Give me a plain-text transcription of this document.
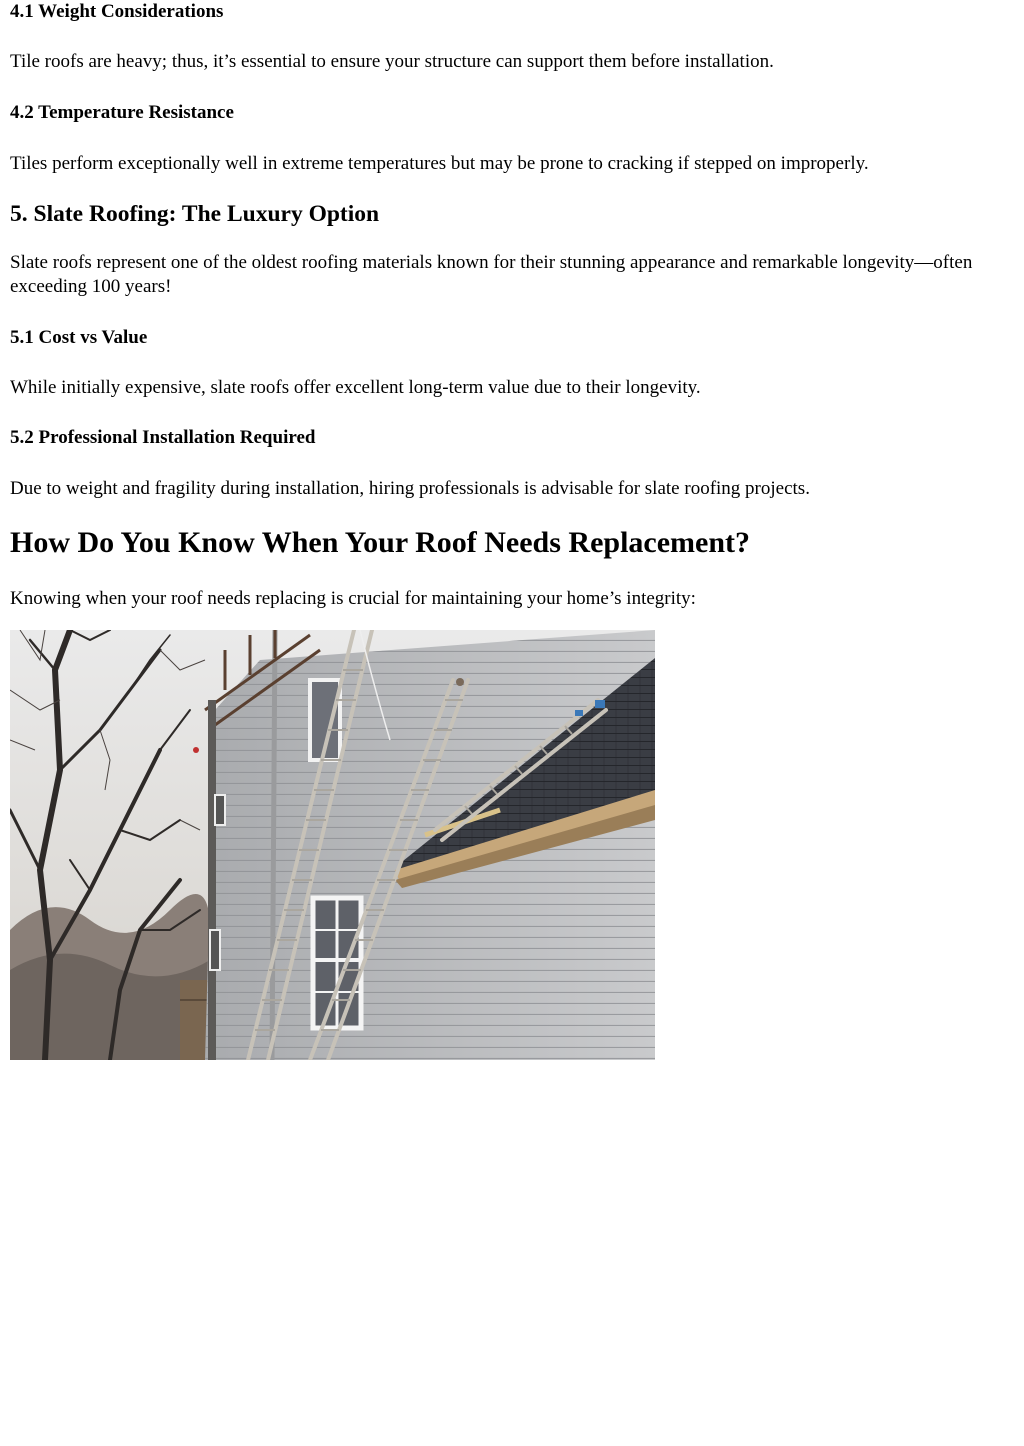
4.1 Weight Considerations

Tile roofs are heavy; thus, it’s essential to ensure your structure can support them before installation.

4.2 Temperature Resistance

Tiles perform exceptionally well in extreme temperatures but may be prone to cracking if stepped on improperly.

5. Slate Roofing: The Luxury Option

Slate roofs represent one of the oldest roofing materials known for their stunning appearance and remarkable longevity—often exceeding 100 years!

5.1 Cost vs Value

While initially expensive, slate roofs offer excellent long-term value due to their longevity.

5.2 Professional Installation Required

Due to weight and fragility during installation, hiring professionals is advisable for slate roofing projects.

How Do You Know When Your Roof Needs Replacement?

Knowing when your roof needs replacing is crucial for maintaining your home’s integrity:
